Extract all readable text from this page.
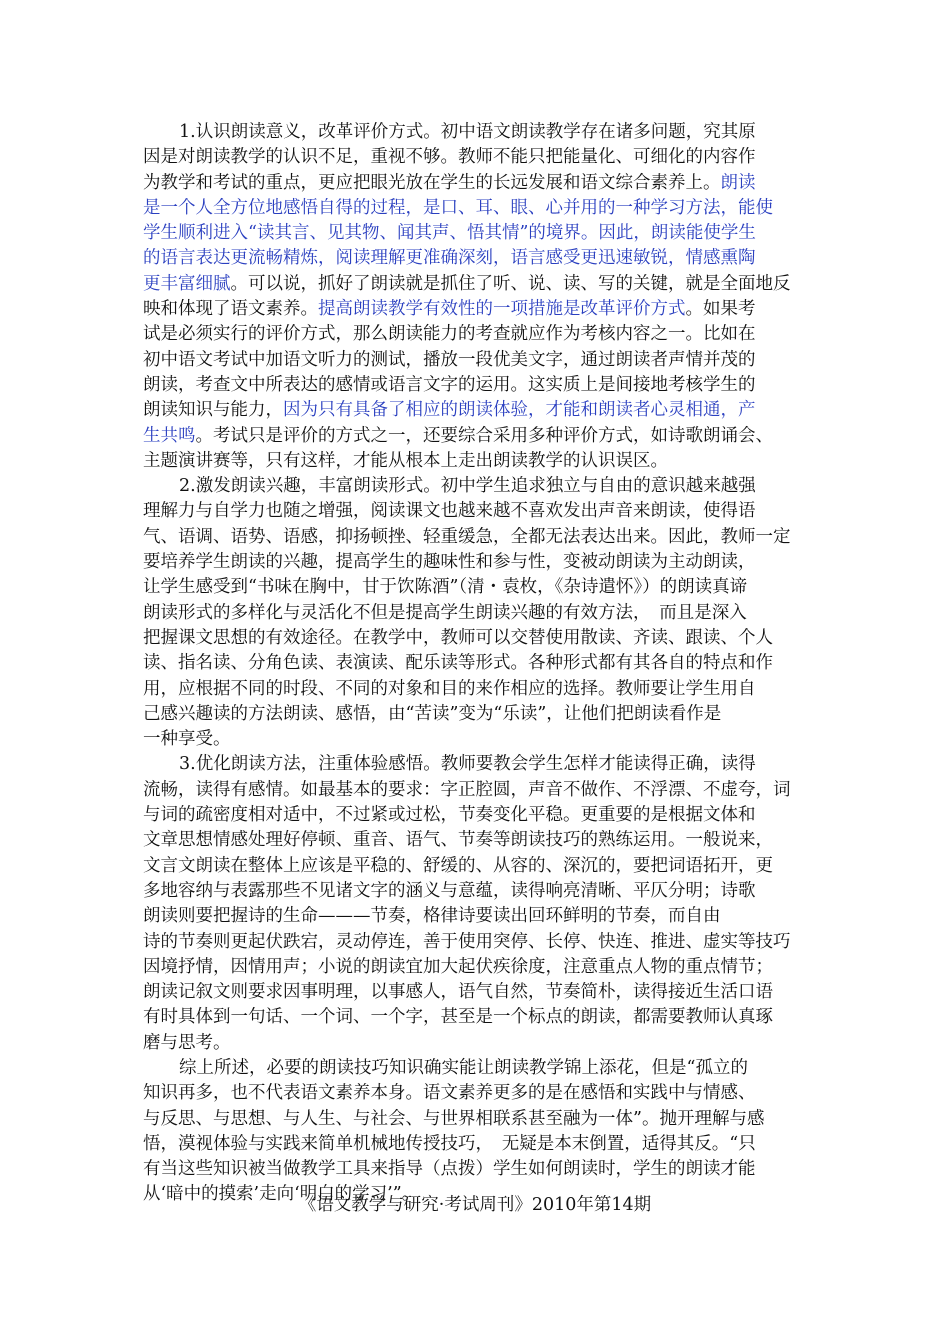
1.认识朗读意义，改革评价方式。初中语文朗读教学存在诸多问题，究其原
因是对朗读教学的认识不足，重视不够。教师不能只把能量化、可细化的内容作
为教学和考试的重点，更应把眼光放在学生的长远发展和语文综合素养上。朗读
是一个人全方位地感悟自得的过程，是口、耳、眼、心并用的一种学习方法，能使
学生顺利进入“读其言、见其物、闻其声、悟其情”的境界。因此，朗读能使学生
的语言表达更流畅精炼，阅读理解更准确深刻，语言感受更迅速敏锐，情感熏陶
更丰富细腻。可以说，抓好了朗读就是抓住了听、说、读、写的关键，就是全面地反
映和体现了语文素养。提高朗读教学有效性的一项措施是改革评价方式。如果考
试是必须实行的评价方式，那么朗读能力的考查就应作为考核内容之一。比如在
初中语文考试中加语文听力的测试，播放一段优美文字，通过朗读者声情并茂的
朗读，考查文中所表达的感情或语言文字的运用。这实质上是间接地考核学生的
朗读知识与能力，因为只有具备了相应的朗读体验，才能和朗读者心灵相通，产
生共鸣。考试只是评价的方式之一，还要综合采用多种评价方式，如诗歌朗诵会、
主题演讲赛等，只有这样，才能从根本上走出朗读教学的认识误区。
2.激发朗读兴趣，丰富朗读形式。初中学生追求独立与自由的意识越来越强
理解力与自学力也随之增强，阅读课文也越来越不喜欢发出声音来朗读，使得语
气、语调、语势、语感，抑扬顿挫、轻重缓急，全都无法表达出来。因此，教师一定
要培养学生朗读的兴趣，提高学生的趣味性和参与性，变被动朗读为主动朗读，
让学生感受到“书味在胸中，甘于饮陈酒”（清・袁枚，《杂诗遣怀》）的朗读真谛
朗读形式的多样化与灵活化不但是提高学生朗读兴趣的有效方法，　而且是深入
把握课文思想的有效途径。在教学中，教师可以交替使用散读、齐读、跟读、个人
读、指名读、分角色读、表演读、配乐读等形式。各种形式都有其各自的特点和作
用，应根据不同的时段、不同的对象和目的来作相应的选择。教师要让学生用自
己感兴趣读的方法朗读、感悟，由“苦读”变为“乐读”，让他们把朗读看作是
一种享受。
3.优化朗读方法，注重体验感悟。教师要教会学生怎样才能读得正确，读得
流畅，读得有感情。如最基本的要求：字正腔圆，声音不做作、不浮漂、不虚夸，词
与词的疏密度相对适中，不过紧或过松，节奏变化平稳。更重要的是根据文体和
文章思想情感处理好停顿、重音、语气、节奏等朗读技巧的熟练运用。一般说来，
文言文朗读在整体上应该是平稳的、舒缓的、从容的、深沉的，要把词语拓开，更
多地容纳与表露那些不见诸文字的涵义与意蕴，读得响亮清晰、平仄分明；诗歌
朗读则要把握诗的生命———节奏，格律诗要读出回环鲜明的节奏，而自由
诗的节奏则更起伏跌宕，灵动停连，善于使用突停、长停、快连、推进、虚实等技巧
因境抒情，因情用声；小说的朗读宜加大起伏疾徐度，注意重点人物的重点情节；
朗读记叙文则要求因事明理，以事感人，语气自然，节奏简朴，读得接近生活口语
有时具体到一句话、一个词、一个字，甚至是一个标点的朗读，都需要教师认真琢
磨与思考。
综上所述，必要的朗读技巧知识确实能让朗读教学锦上添花，但是“孤立的
知识再多，也不代表语文素养本身。语文素养更多的是在感悟和实践中与情感、
与反思、与思想、与人生、与社会、与世界相联系甚至融为一体”。抛开理解与感
悟，漠视体验与实践来简单机械地传授技巧，　无疑是本末倒置，适得其反。“只
有当这些知识被当做教学工具来指导（点拨）学生如何朗读时，学生的朗读才能
从‘暗中的摸索’走向‘明白的学习’”。
《语文教学与研究·考试周刊》2010年第14期
